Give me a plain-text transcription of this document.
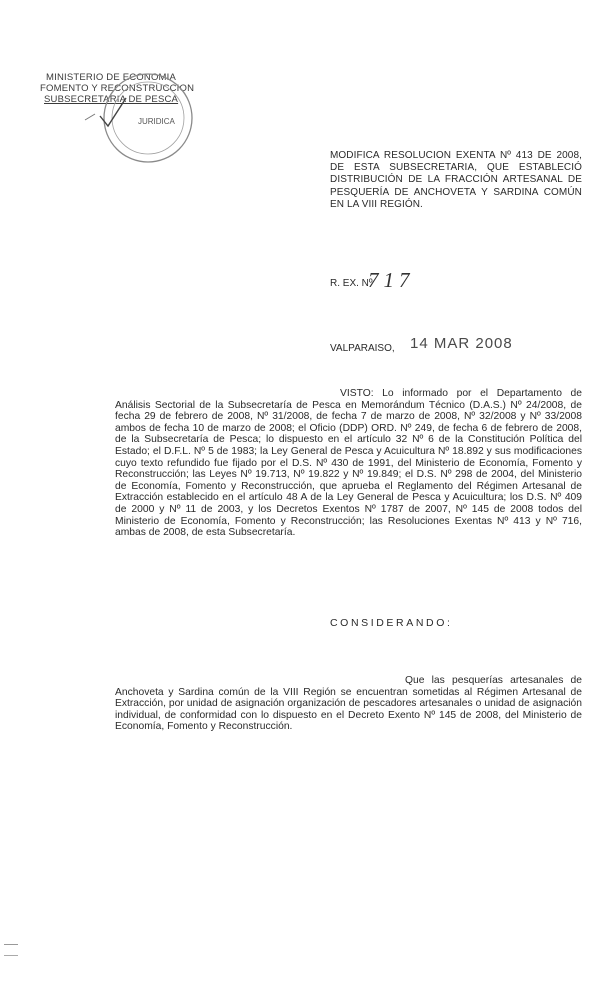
MINISTERIO DE ECONOMIA
FOMENTO Y RECONSTRUCCION
SUBSECRETARIA DE PESCA
JURIDICA
MODIFICA RESOLUCION EXENTA Nº 413 DE 2008, DE ESTA SUBSECRETARIA, QUE ESTABLECIÓ DISTRIBUCIÓN DE LA FRACCIÓN ARTESANAL DE PESQUERÍA DE ANCHOVETA Y SARDINA COMÚN EN LA VIII REGIÓN.
R. EX. Nº
717
VALPARAISO, 14 MAR 2008
VISTO: Lo informado por el Departamento de Análisis Sectorial de la Subsecretaría de Pesca en Memorándum Técnico (D.A.S.) Nº 24/2008, de fecha 29 de febrero de 2008, Nº 31/2008, de fecha 7 de marzo de 2008, Nº 32/2008 y Nº 33/2008 ambos de fecha 10 de marzo de 2008; el Oficio (DDP) ORD. Nº 249, de fecha 6 de febrero de 2008, de la Subsecretaría de Pesca; lo dispuesto en el artículo 32 Nº 6 de la Constitución Política del Estado; el D.F.L. Nº 5 de 1983; la Ley General de Pesca y Acuicultura Nº 18.892 y sus modificaciones cuyo texto refundido fue fijado por el D.S. Nº 430 de 1991, del Ministerio de Economía, Fomento y Reconstrucción; las Leyes Nº 19.713, Nº 19.822 y Nº 19.849; el D.S. Nº 298 de 2004, del Ministerio de Economía, Fomento y Reconstrucción, que aprueba el Reglamento del Régimen Artesanal de Extracción establecido en el artículo 48 A de la Ley General de Pesca y Acuicultura; los D.S. Nº 409 de 2000 y Nº 11 de 2003, y los Decretos Exentos Nº 1787 de 2007, Nº 145 de 2008 todos del Ministerio de Economía, Fomento y Reconstrucción; las Resoluciones Exentas Nº 413 y Nº 716, ambas de 2008, de esta Subsecretaría.
CONSIDERANDO:
Que las pesquerías artesanales de Anchoveta y Sardina común de la VIII Región se encuentran sometidas al Régimen Artesanal de Extracción, por unidad de asignación organización de pescadores artesanales o unidad de asignación individual, de conformidad con lo dispuesto en el Decreto Exento Nº 145 de 2008, del Ministerio de Economía, Fomento y Reconstrucción.
